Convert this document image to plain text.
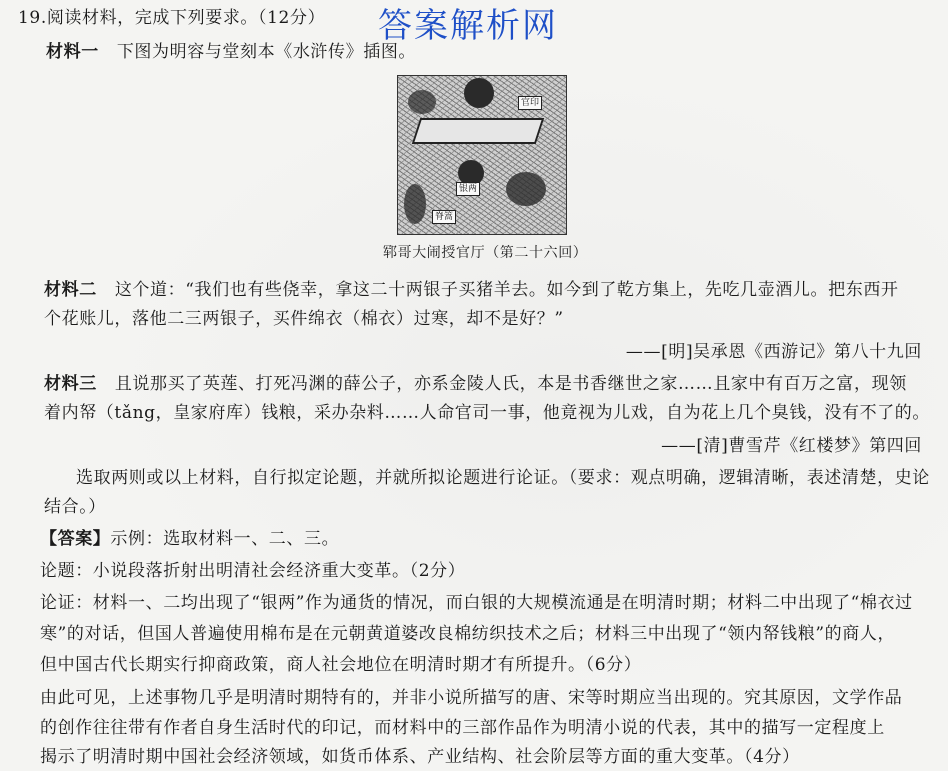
19.阅读材料，完成下列要求。（12分） 答案解析网
材料一 下图为明容与堂刻本《水浒传》插图。
官印
银两
脊篙
郓哥大闹授官厅（第二十六回）
材料二 这个道：“我们也有些侥幸，拿这二十两银子买猪羊去。如今到了乾方集上，先吃几壶酒儿。把东西开
个花账儿，落他二三两银子，买件绵衣（棉衣）过寒，却不是好？”
——[明]吴承恩《西游记》第八十九回
材料三 且说那买了英莲、打死冯渊的薛公子，亦系金陵人氏，本是书香继世之家……且家中有百万之富，现领
着内帑（tǎng，皇家府库）钱粮，采办杂料……人命官司一事，他竟视为儿戏，自为花上几个臭钱，没有不了的。
——[清]曹雪芹《红楼梦》第四回
选取两则或以上材料，自行拟定论题，并就所拟论题进行论证。（要求：观点明确，逻辑清晰，表述清楚，史论
结合。）
【答案】示例：选取材料一、二、三。
论题：小说段落折射出明清社会经济重大变革。（2分）
论证：材料一、二均出现了“银两”作为通货的情况，而白银的大规模流通是在明清时期；材料二中出现了“棉衣过
寒”的对话，但国人普遍使用棉布是在元朝黄道婆改良棉纺织技术之后；材料三中出现了“领内帑钱粮”的商人，
但中国古代长期实行抑商政策，商人社会地位在明清时期才有所提升。（6分）
由此可见，上述事物几乎是明清时期特有的，并非小说所描写的唐、宋等时期应当出现的。究其原因，文学作品
的创作往往带有作者自身生活时代的印记，而材料中的三部作品作为明清小说的代表，其中的描写一定程度上
揭示了明清时期中国社会经济领域，如货币体系、产业结构、社会阶层等方面的重大变革。（4分）
